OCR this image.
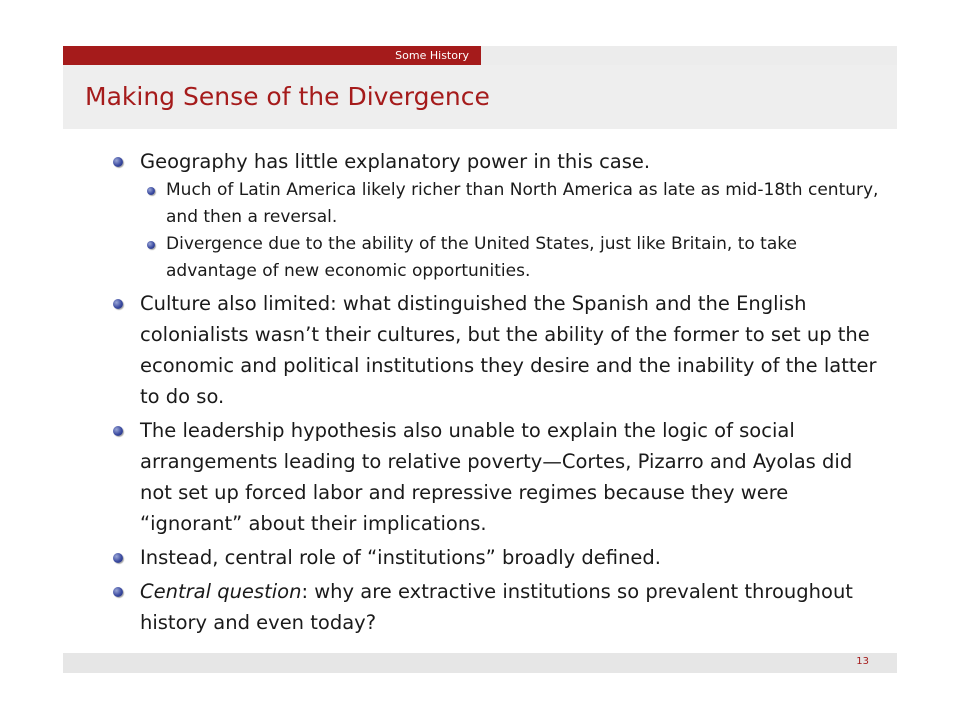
Some History
Making Sense of the Divergence
Geography has little explanatory power in this case.
Much of Latin America likely richer than North America as late as mid-18th century, and then a reversal.
Divergence due to the ability of the United States, just like Britain, to take advantage of new economic opportunities.
Culture also limited: what distinguished the Spanish and the English colonialists wasn’t their cultures, but the ability of the former to set up the economic and political institutions they desire and the inability of the latter to do so.
The leadership hypothesis also unable to explain the logic of social arrangements leading to relative poverty—Cortes, Pizarro and Ayolas did not set up forced labor and repressive regimes because they were “ignorant” about their implications.
Instead, central role of “institutions” broadly defined.
Central question: why are extractive institutions so prevalent throughout history and even today?
13
